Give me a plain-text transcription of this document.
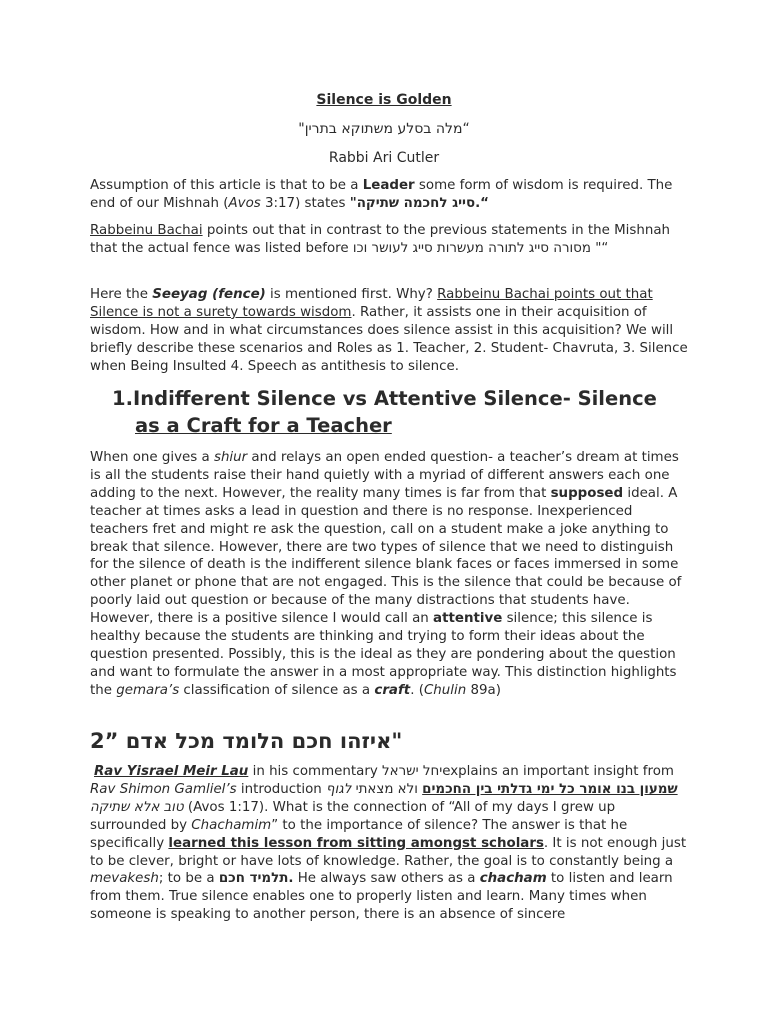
Silence is Golden
“מלה בסלע משתוקא בתרין"
Rabbi Ari Cutler
Assumption of this article is that to be a Leader some form of wisdom is required. The end of our Mishnah (Avos 3:17) states “.סייג לחכמה שתיקה"
Rabbeinu Bachai points out that in contrast to the previous statements in the Mishnah that the actual fence was listed before “" מסורה סייג לתורה מעשרות סייג לעושר וכו
Here the Seeyag (fence) is mentioned first. Why? Rabbeinu Bachai points out that Silence is not a surety towards wisdom. Rather, it assists one in their acquisition of wisdom. How and in what circumstances does silence assist in this acquisition? We will briefly describe these scenarios and Roles as 1. Teacher, 2. Student- Chavruta, 3. Silence when Being Insulted 4. Speech as antithesis to silence.
1.Indifferent Silence vs Attentive Silence- Silence
as a Craft for a Teacher
When one gives a shiur and relays an open ended question- a teacher’s dream at times is all the students raise their hand quietly with a myriad of different answers each one adding to the next. However, the reality many times is far from that supposed ideal. A teacher at times asks a lead in question and there is no response. Inexperienced teachers fret and might re ask the question, call on a student make a joke anything to break that silence. However, there are two types of silence that we need to distinguish for the silence of death is the indifferent silence blank faces or faces immersed in some other planet or phone that are not engaged. This is the silence that could be because of poorly laid out question or because of the many distractions that students have. However, there is a positive silence I would call an attentive silence; this silence is healthy because the students are thinking and trying to form their ideas about the question presented. Possibly, this is the ideal as they are pondering about the question and want to formulate the answer in a most appropriate way. This distinction highlights the gemara’s classification of silence as a craft. (Chulin 89a)
2"איזהו חכם הלומד מכל אדם ”
Rav Yisrael Meir Lau in his commentary יחל ישראלexplains an important insight from Rav Shimon Gamliel’s introduction	שמעון בנו אומר כל ימי גדלתי בין החכמים ולא מצאתי לגוף טוב אלא שתיקה (Avos 1:17). What is the connection of “All of my days I grew up surrounded by Chachamim” to the importance of silence? The answer is that he specifically learned this lesson from sitting amongst scholars. It is not enough just to be clever, bright or have lots of knowledge. Rather, the goal is to constantly being a mevakesh; to be a .תלמיד חכם He always saw others as a chacham to listen and learn from them. True silence enables one to properly listen and learn. Many times when someone is speaking to another person, there is an absence of sincere
